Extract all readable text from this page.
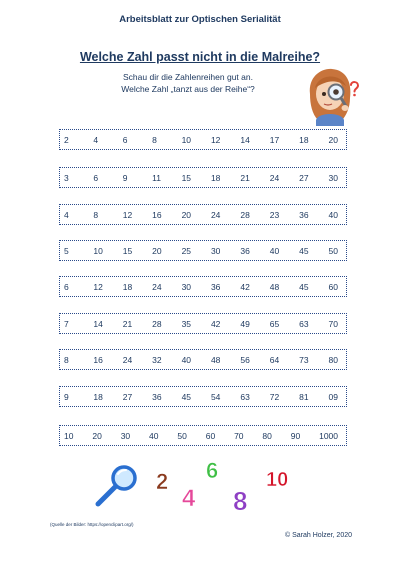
Arbeitsblatt zur Optischen Serialität
Welche Zahl passt nicht in die Malreihe?
Schau dir die Zahlenreihen gut an.
Welche Zahl „tanzt aus der Reihe“?
2	4	6	8	10	12	14	17	18	20
3	6	9	11	15	18	21	24	27	30
4	8	12	16	20	24	28	23	36	40
5	10	15	20	25	30	36	40	45	50
6	12	18	24	30	36	42	48	45	60
7	14	21	28	35	42	49	65	63	70
8	16	24	32	40	48	56	64	73	80
9	18	27	36	45	54	63	72	81	09
10	20	30	40	50	60	70	80	90	1000
2
4
6
8
10
(Quelle der Bilder: https://openclipart.org/)
© Sarah Holzer, 2020
